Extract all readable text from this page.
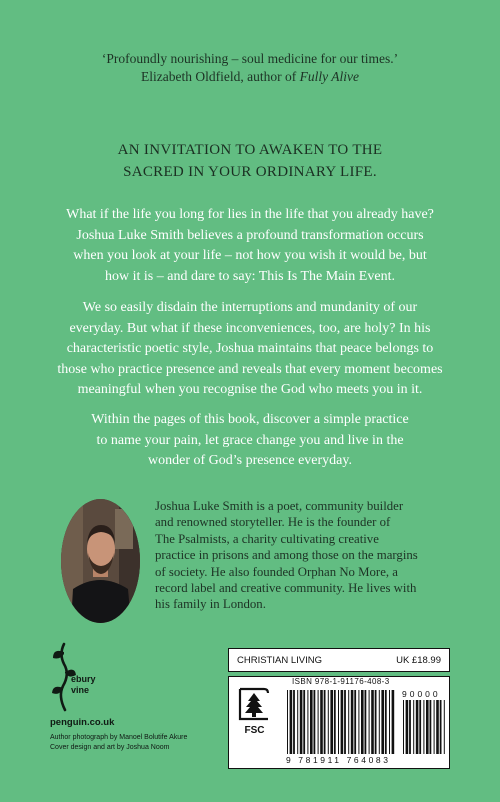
‘Profoundly nourishing – soul medicine for our times.’
Elizabeth Oldfield, author of Fully Alive
AN INVITATION TO AWAKEN TO THE
SACRED IN YOUR ORDINARY LIFE.
What if the life you long for lies in the life that you already have?
Joshua Luke Smith believes a profound transformation occurs
when you look at your life – not how you wish it would be, but
how it is – and dare to say: This Is The Main Event.
We so easily disdain the interruptions and mundanity of our
everyday. But what if these inconveniences, too, are holy? In his
characteristic poetic style, Joshua maintains that peace belongs to
those who practice presence and reveals that every moment becomes
meaningful when you recognise the God who meets you in it.
Within the pages of this book, discover a simple practice
to name your pain, let grace change you and live in the
wonder of God’s presence everyday.
Joshua Luke Smith is a poet, community builder
and renowned storyteller. He is the founder of
The Psalmists, a charity cultivating creative
practice in prisons and among those on the margins
of society. He also founded Orphan No More, a
record label and creative community. He lives with
his family in London.
ebury
vine
penguin.co.uk
Author photograph by Manoel Bolutife Akure
Cover design and art by Joshua Noom
CHRISTIAN LIVING	UK £18.99
FSC
ISBN 978-1-91176-408-3
90000
9 781911 764083
